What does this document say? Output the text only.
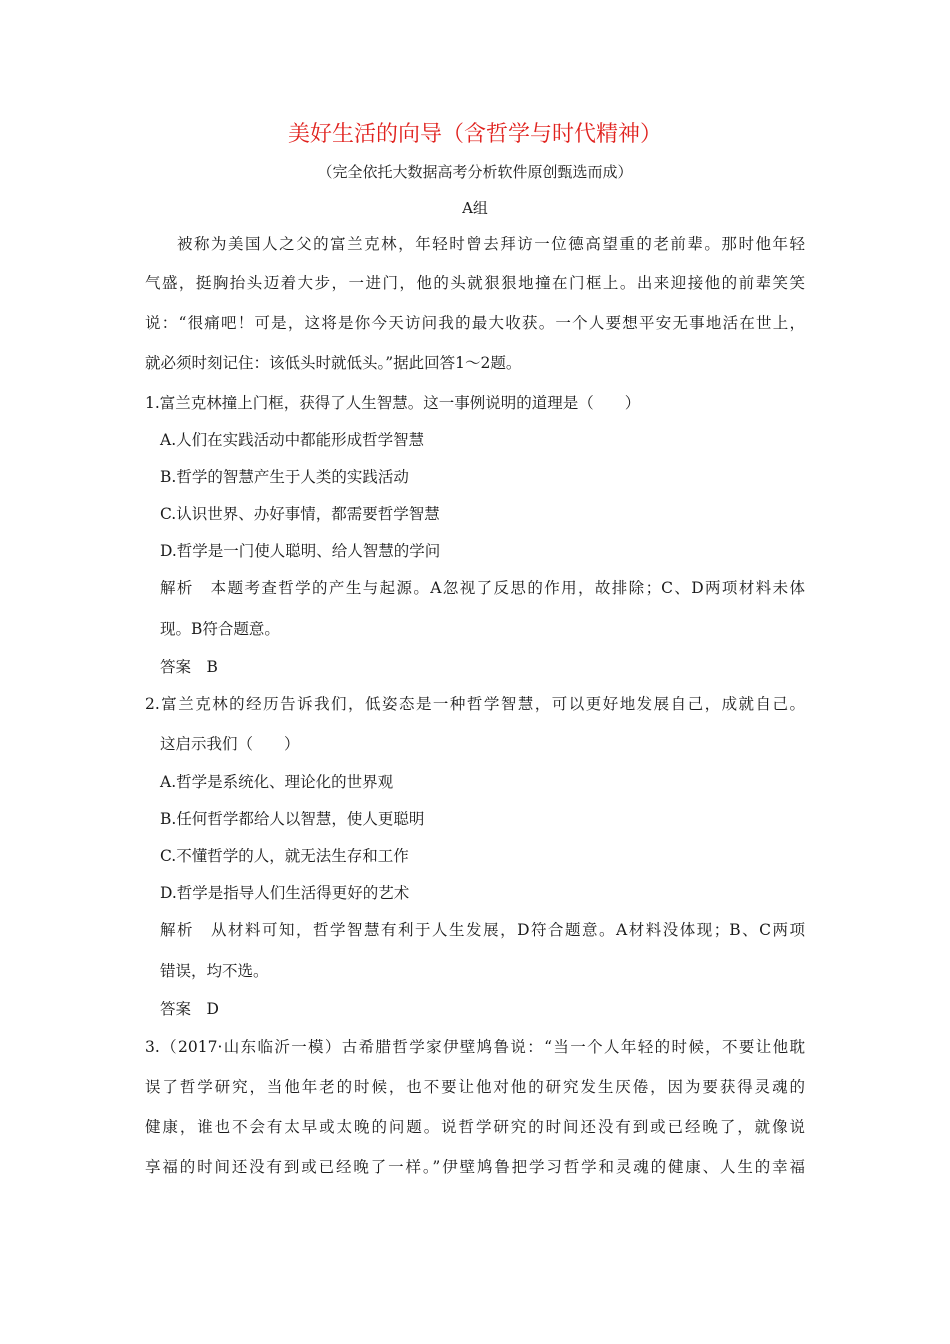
美好生活的向导（含哲学与时代精神）
（完全依托大数据高考分析软件原创甄选而成）
A组
被称为美国人之父的富兰克林，年轻时曾去拜访一位德高望重的老前辈。那时他年轻
气盛，挺胸抬头迈着大步，一进门，他的头就狠狠地撞在门框上。出来迎接他的前辈笑笑
说：“很痛吧！可是，这将是你今天访问我的最大收获。一个人要想平安无事地活在世上，
就必须时刻记住：该低头时就低头。”据此回答1～2题。
1.富兰克林撞上门框，获得了人生智慧。这一事例说明的道理是（　　）
A.人们在实践活动中都能形成哲学智慧
B.哲学的智慧产生于人类的实践活动
C.认识世界、办好事情，都需要哲学智慧
D.哲学是一门使人聪明、给人智慧的学问
解析　本题考查哲学的产生与起源。A忽视了反思的作用，故排除；C、D两项材料未体
现。B符合题意。
答案　B
2.富兰克林的经历告诉我们，低姿态是一种哲学智慧，可以更好地发展自己，成就自己。
这启示我们（　　）
A.哲学是系统化、理论化的世界观
B.任何哲学都给人以智慧，使人更聪明
C.不懂哲学的人，就无法生存和工作
D.哲学是指导人们生活得更好的艺术
解析　从材料可知，哲学智慧有利于人生发展，D符合题意。A材料没体现；B、C两项
错误，均不选。
答案　D
3.（2017·山东临沂一模）古希腊哲学家伊壁鸠鲁说：“当一个人年轻的时候，不要让他耽
误了哲学研究，当他年老的时候，也不要让他对他的研究发生厌倦，因为要获得灵魂的
健康，谁也不会有太早或太晚的问题。说哲学研究的时间还没有到或已经晚了，就像说
享福的时间还没有到或已经晚了一样。”伊壁鸠鲁把学习哲学和灵魂的健康、人生的幸福
